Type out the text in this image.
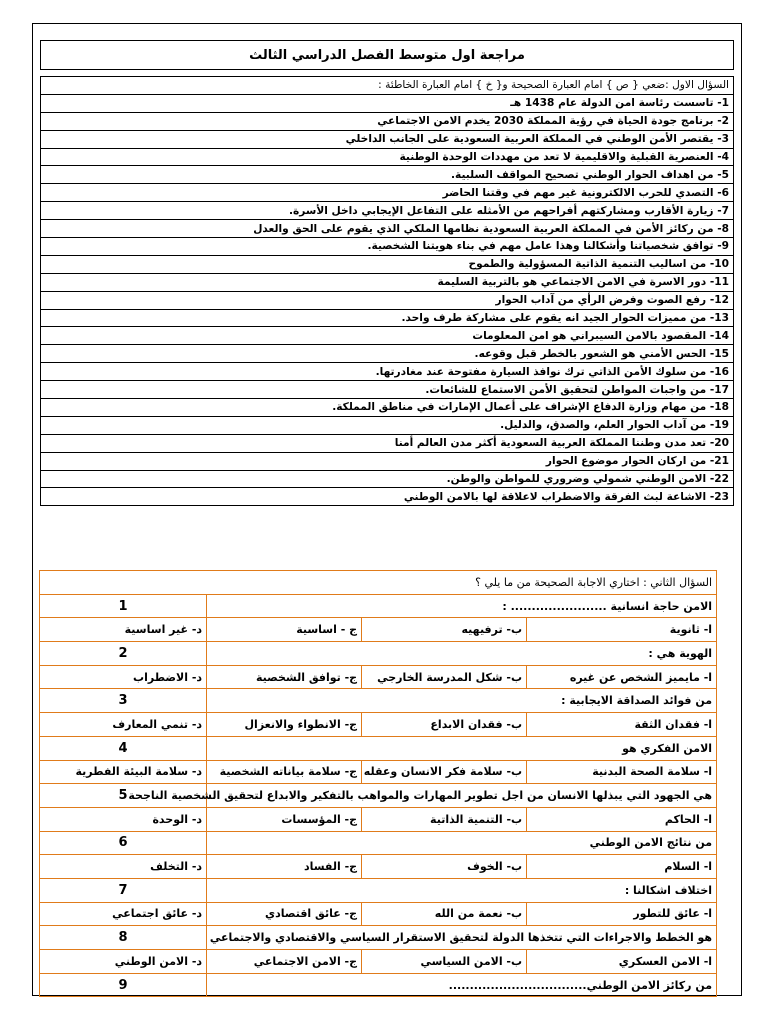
مراجعة اول متوسط الفصل الدراسي الثالث
السؤال الاول :ضعي { ص } امام العبارة الصحيحة و{ خ } امام العبارة الخاطئة :
1- تاسست رئاسة امن الدولة عام 1438 هـ
2- برنامج جودة الحياة في رؤية المملكة 2030 يخدم الامن الاجتماعي
3- يقتصر الأمن الوطني في المملكة العربية السعودية على الجانب الداخلي
4- العنصرية القبلية والاقليمية لا تعد من مهددات الوحدة الوطنية
5- من اهداف الحوار الوطني تصحيح المواقف السلبية.
6- التصدي للحرب الالكترونية غير مهم في وقتنا الحاضر
7- زيارة الأقارب ومشاركتهم أفراحهم من الأمثله على التفاعل الإيجابي داخل الأسرة.
8- من ركائز الأمن في المملكة العربية السعودية نظامها الملكي الذي يقوم على الحق والعدل
9- توافق شخصياتنا وأشكالنا وهذا عامل مهم في بناء هويتنا الشخصية.
10- من اساليب التنمية الذاتية المسؤولية والطموح
11- دور الاسرة في الامن الاجتماعي هو بالتربية السليمة
12- رفع الصوت وفرض الرأي من آداب الحوار
13- من مميزات الحوار الجيد انه يقوم على مشاركة طرف واحد.
14- المقصود بالامن السيبراني هو امن المعلومات
15- الحس الأمني هو الشعور بالخطر قبل وقوعه.
16- من سلوك الأمن الذاتي ترك نوافذ السيارة مفتوحة عند مغادرتها.
17- من واجبات المواطن لتحقيق الأمن الاستماع للشائعات.
18- من مهام وزارة الدفاع الإشراف على أعمال الإمارات في مناطق المملكة.
19- من آداب الحوار العلم، والصدق، والدليل.
20- تعد مدن وطننا المملكة العربية السعودية أكثر مدن العالم أمنا
21- من اركان الحوار موضوع الحوار
22- الامن الوطني شمولي وضروري للمواطن والوطن.
23- الاشاعة لبث الفرقة والاضطراب لاعلاقة لها بالامن الوطني
السؤال الثاني : اختاري الاجابة الصحيحة من ما يلي ؟			
الامن حاجة انسانية ....................... :			1
ا- ثانوية	ب- ترفيهيه	ج - اساسية	د- غير اساسية
الهوية هي :			2
ا- مايميز الشخص عن غيره	ب- شكل المدرسة الخارجي	ج- توافق الشخصية	د- الاضطراب
من فوائد الصداقة الايجابية :			3
ا- فقدان الثقة	ب- فقدان الابداع	ج- الانطواء والانعزال	د- تنمي المعارف
الامن الفكري هو			4
ا- سلامة الصحة البدنية	ب- سلامة فكر الانسان وعقله	ج- سلامة بياناته الشخصية	د- سلامة البيئة الفطرية
هي الجهود التي يبذلها الانسان من اجل تطوير المهارات والمواهب بالتفكير والابداع لتحقيق الشخصية الناجحة			5
ا- الحاكم	ب- التنمية الذاتية	ج- المؤسسات	د- الوحدة
من نتائج الامن الوطني			6
ا- السلام	ب- الخوف	ج- الفساد	د- التخلف
اختلاف اشكالنا :			7
ا- عائق للتطور	ب- نعمة من الله	ج- عائق اقتصادي	د- عائق اجتماعي
هو الخطط والاجراءات التي تتخذها الدولة لتحقيق الاستقرار السياسي والاقتصادي والاجتماعي			8
ا- الامن العسكري	ب- الامن السياسي	ج- الامن الاجتماعي	د- الامن الوطني
من ركائز الامن الوطني.................................			9
